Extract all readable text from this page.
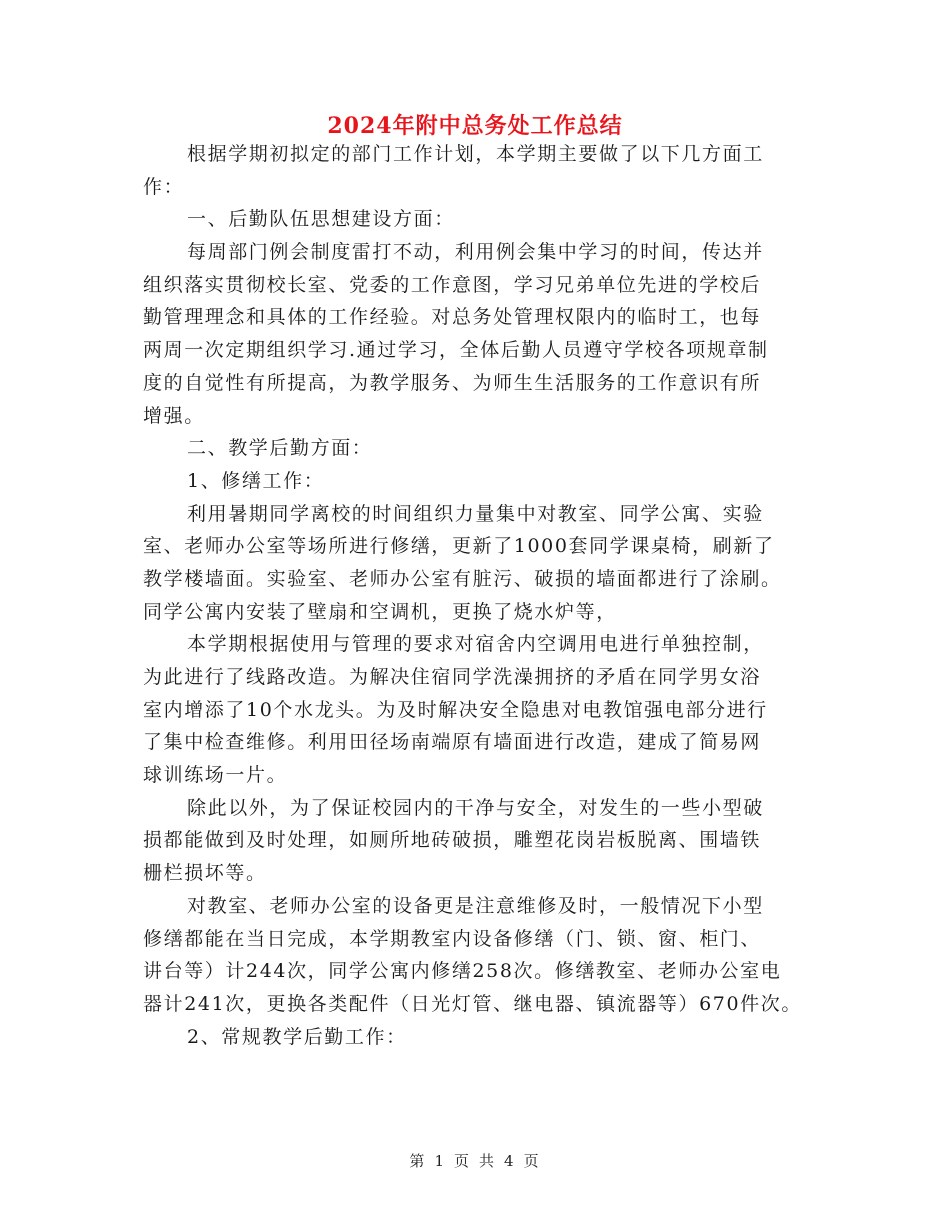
2024年附中总务处工作总结
根据学期初拟定的部门工作计划，本学期主要做了以下几方面工
作：
一、后勤队伍思想建设方面：
每周部门例会制度雷打不动，利用例会集中学习的时间，传达并
组织落实贯彻校长室、党委的工作意图，学习兄弟单位先进的学校后
勤管理理念和具体的工作经验。对总务处管理权限内的临时工，也每
两周一次定期组织学习.通过学习，全体后勤人员遵守学校各项规章制
度的自觉性有所提高，为教学服务、为师生生活服务的工作意识有所
增强。
二、教学后勤方面：
1、修缮工作：
利用暑期同学离校的时间组织力量集中对教室、同学公寓、实验
室、老师办公室等场所进行修缮，更新了1000套同学课桌椅，刷新了
教学楼墙面。实验室、老师办公室有脏污、破损的墙面都进行了涂刷。
同学公寓内安装了壁扇和空调机，更换了烧水炉等，
本学期根据使用与管理的要求对宿舍内空调用电进行单独控制，
为此进行了线路改造。为解决住宿同学洗澡拥挤的矛盾在同学男女浴
室内增添了10个水龙头。为及时解决安全隐患对电教馆强电部分进行
了集中检查维修。利用田径场南端原有墙面进行改造，建成了简易网
球训练场一片。
除此以外，为了保证校园内的干净与安全，对发生的一些小型破
损都能做到及时处理，如厕所地砖破损，雕塑花岗岩板脱离、围墙铁
栅栏损坏等。
对教室、老师办公室的设备更是注意维修及时，一般情况下小型
修缮都能在当日完成，本学期教室内设备修缮（门、锁、窗、柜门、
讲台等）计244次，同学公寓内修缮258次。修缮教室、老师办公室电
器计241次，更换各类配件（日光灯管、继电器、镇流器等）670件次。
2、常规教学后勤工作：
第 1 页 共 4 页
